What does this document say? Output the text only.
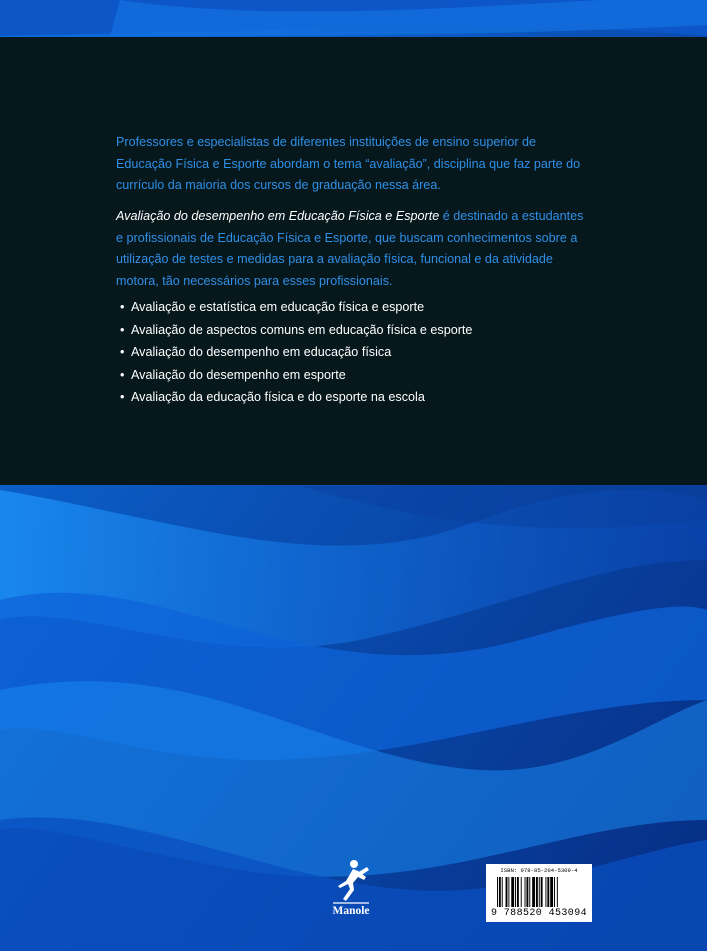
Professores e especialistas de diferentes instituições de ensino superior de Educação Física e Esporte abordam o tema “avaliação”, disciplina que faz parte do currículo da maioria dos cursos de graduação nessa área.

Avaliação do desempenho em Educação Física e Esporte é destinado a estudantes e profissionais de Educação Física e Esporte, que buscam conhecimentos sobre a utilização de testes e medidas para a avaliação física, funcional e da atividade motora, tão necessários para esses profissionais.

• Avaliação e estatística em educação física e esporte
• Avaliação de aspectos comuns em educação física e esporte
• Avaliação do desempenho em educação física
• Avaliação do desempenho em esporte
• Avaliação da educação física e do esporte na escola
Manole
ISBN: 978-85-204-5309-4
9 788520 453094
